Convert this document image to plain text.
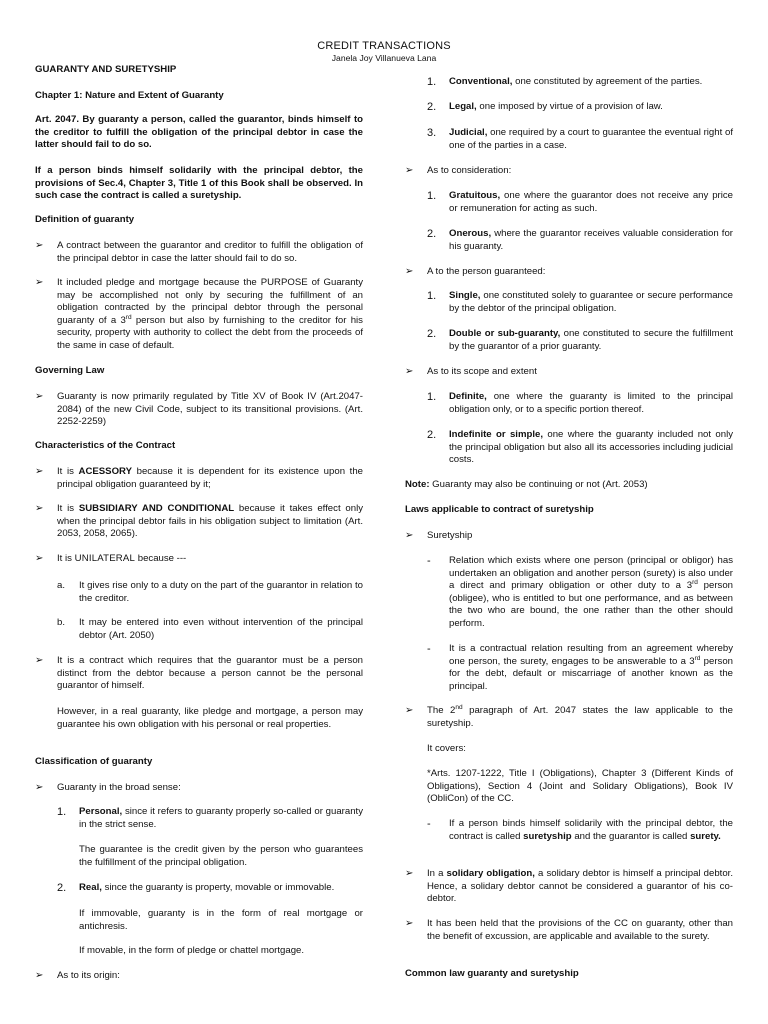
CREDIT TRANSACTIONS
Janela Joy Villanueva Lana
GUARANTY AND SURETYSHIP
Chapter 1: Nature and Extent of Guaranty
Art. 2047. By guaranty a person, called the guarantor, binds himself to the creditor to fulfill the obligation of the principal debtor in case the latter should fail to do so.
If a person binds himself solidarily with the principal debtor, the provisions of Sec.4, Chapter 3, Title 1 of this Book shall be observed. In such case the contract is called a suretyship.
Definition of guaranty
➢ A contract between the guarantor and creditor to fulfill the obligation of the principal debtor in case the latter should fail to do so.
➢ It included pledge and mortgage because the PURPOSE of Guaranty may be accomplished not only by securing the fulfillment of an obligation contracted by the principal debtor through the personal guaranty of a 3rd person but also by furnishing to the creditor for his security, property with authority to collect the debt from the proceeds of the same in case of default.
Governing Law
➢ Guaranty is now primarily regulated by Title XV of Book IV (Art.2047-2084) of the new Civil Code, subject to its transitional provisions. (Art. 2252-2259)
Characteristics of the Contract
➢ It is ACESSORY because it is dependent for its existence upon the principal obligation guaranteed by it;
➢ It is SUBSIDIARY AND CONDITIONAL because it takes effect only when the principal debtor fails in his obligation subject to limitation (Art. 2053, 2058, 2065).
➢ It is UNILATERAL because ---
a. It gives rise only to a duty on the part of the guarantor in relation to the creditor.
b. It may be entered into even without intervention of the principal debtor (Art. 2050)
➢ It is a contract which requires that the guarantor must be a person distinct from the debtor because a person cannot be the personal guarantor of himself.
However, in a real guaranty, like pledge and mortgage, a person may guarantee his own obligation with his personal or real properties.
Classification of guaranty
➢ Guaranty in the broad sense:
1. Personal, since it refers to guaranty properly so-called or guaranty in the strict sense.
The guarantee is the credit given by the person who guarantees the fulfillment of the principal obligation.
2. Real, since the guaranty is property, movable or immovable.
If immovable, guaranty is in the form of real mortgage or antichresis.
If movable, in the form of pledge or chattel mortgage.
➢ As to its origin:
1. Conventional, one constituted by agreement of the parties.
2. Legal, one imposed by virtue of a provision of law.
3. Judicial, one required by a court to guarantee the eventual right of one of the parties in a case.
➢ As to consideration:
1. Gratuitous, one where the guarantor does not receive any price or remuneration for acting as such.
2. Onerous, where the guarantor receives valuable consideration for his guaranty.
➢ A to the person guaranteed:
1. Single, one constituted solely to guarantee or secure performance by the debtor of the principal obligation.
2. Double or sub-guaranty, one constituted to secure the fulfillment by the guarantor of a prior guaranty.
➢ As to its scope and extent
1. Definite, one where the guaranty is limited to the principal obligation only, or to a specific portion thereof.
2. Indefinite or simple, one where the guaranty included not only the principal obligation but also all its accessories including judicial costs.
Note: Guaranty may also be continuing or not (Art. 2053)
Laws applicable to contract of suretyship
➢ Suretyship
- Relation which exists where one person (principal or obligor) has undertaken an obligation and another person (surety) is also under a direct and primary obligation or other duty to a 3rd person (obligee), who is entitled to but one performance, and as between the two who are bound, the one rather than the other should perform.
- It is a contractual relation resulting from an agreement whereby one person, the surety, engages to be answerable to a 3rd person for the debt, default or miscarriage of another known as the principal.
➢ The 2nd paragraph of Art. 2047 states the law applicable to the suretyship.
It covers:
*Arts. 1207-1222, Title I (Obligations), Chapter 3 (Different Kinds of Obligations), Section 4 (Joint and Solidary Obligations), Book IV (ObliCon) of the CC.
- If a person binds himself solidarily with the principal debtor, the contract is called suretyship and the guarantor is called surety.
➢ In a solidary obligation, a solidary debtor is himself a principal debtor. Hence, a solidary debtor cannot be considered a guarantor of his co-debtor.
➢ It has been held that the provisions of the CC on guaranty, other than the benefit of excussion, are applicable and available to the surety.
Common law guaranty and suretyship
